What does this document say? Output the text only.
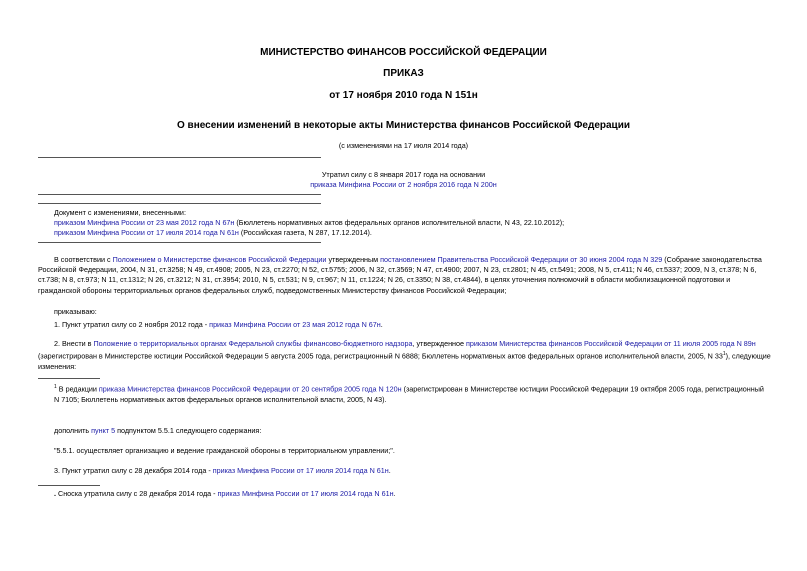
МИНИСТЕРСТВО ФИНАНСОВ РОССИЙСКОЙ ФЕДЕРАЦИИ
ПРИКАЗ
от 17 ноября 2010 года N 151н
О внесении изменений в некоторые акты Министерства финансов Российской Федерации
(с изменениями на 17 июля 2014 года)
Утратил силу с 8 января 2017 года на основании
приказа Минфина России от 2 ноября 2016 года N 200н
Документ с изменениями, внесенными:
приказом Минфина России от 23 мая 2012 года N 67н (Бюллетень нормативных актов федеральных органов исполнительной власти, N 43, 22.10.2012);
приказом Минфина России от 17 июля 2014 года N 61н (Российская газета, N 287, 17.12.2014).
В соответствии с Положением о Министерстве финансов Российской Федерации утвержденным постановлением Правительства Российской Федерации от 30 июня 2004 года N 329 (Собрание законодательства Российской Федерации, 2004, N 31, ст.3258; N 49, ст.4908; 2005, N 23, ст.2270; N 52, ст.5755; 2006, N 32, ст.3569; N 47, ст.4900; 2007, N 23, ст.2801; N 45, ст.5491; 2008, N 5, ст.411; N 46, ст.5337; 2009, N 3, ст.378; N 6, ст.738; N 8, ст.973; N 11, ст.1312; N 26, ст.3212; N 31, ст.3954; 2010, N 5, ст.531; N 9, ст.967; N 11, ст.1224; N 26, ст.3350; N 38, ст.4844), в целях уточнения полномочий в области мобилизационной подготовки и гражданской обороны территориальных органов федеральных служб, подведомственных Министерству финансов Российской Федерации;
приказываю:
1. Пункт утратил силу со 2 ноября 2012 года - приказ Минфина России от 23 мая 2012 года N 67н.
2. Внести в Положение о территориальных органах Федеральной службы финансово-бюджетного надзора, утвержденное приказом Министерства финансов Российской Федерации от 11 июля 2005 года N 89н (зарегистрирован в Министерстве юстиции Российской Федерации 5 августа 2005 года, регистрационный N 6888; Бюллетень нормативных актов федеральных органов исполнительной власти, 2005, N $33^1$), следующие изменения:
$^1$ В редакции приказа Министерства финансов Российской Федерации от 20 сентября 2005 года N 120н (зарегистрирован в Министерстве юстиции Российской Федерации 19 октября 2005 года, регистрационный N 7105; Бюллетень нормативных актов федеральных органов исполнительной власти, 2005, N 43).
дополнить пункт 5 подпунктом 5.5.1 следующего содержания:
"5.5.1. осуществляет организацию и ведение гражданской обороны в территориальном управлении;".
3. Пункт утратил силу с 28 декабря 2014 года - приказ Минфина России от 17 июля 2014 года N 61н.
. Сноска утратила силу с 28 декабря 2014 года - приказ Минфина России от 17 июля 2014 года N 61н.
